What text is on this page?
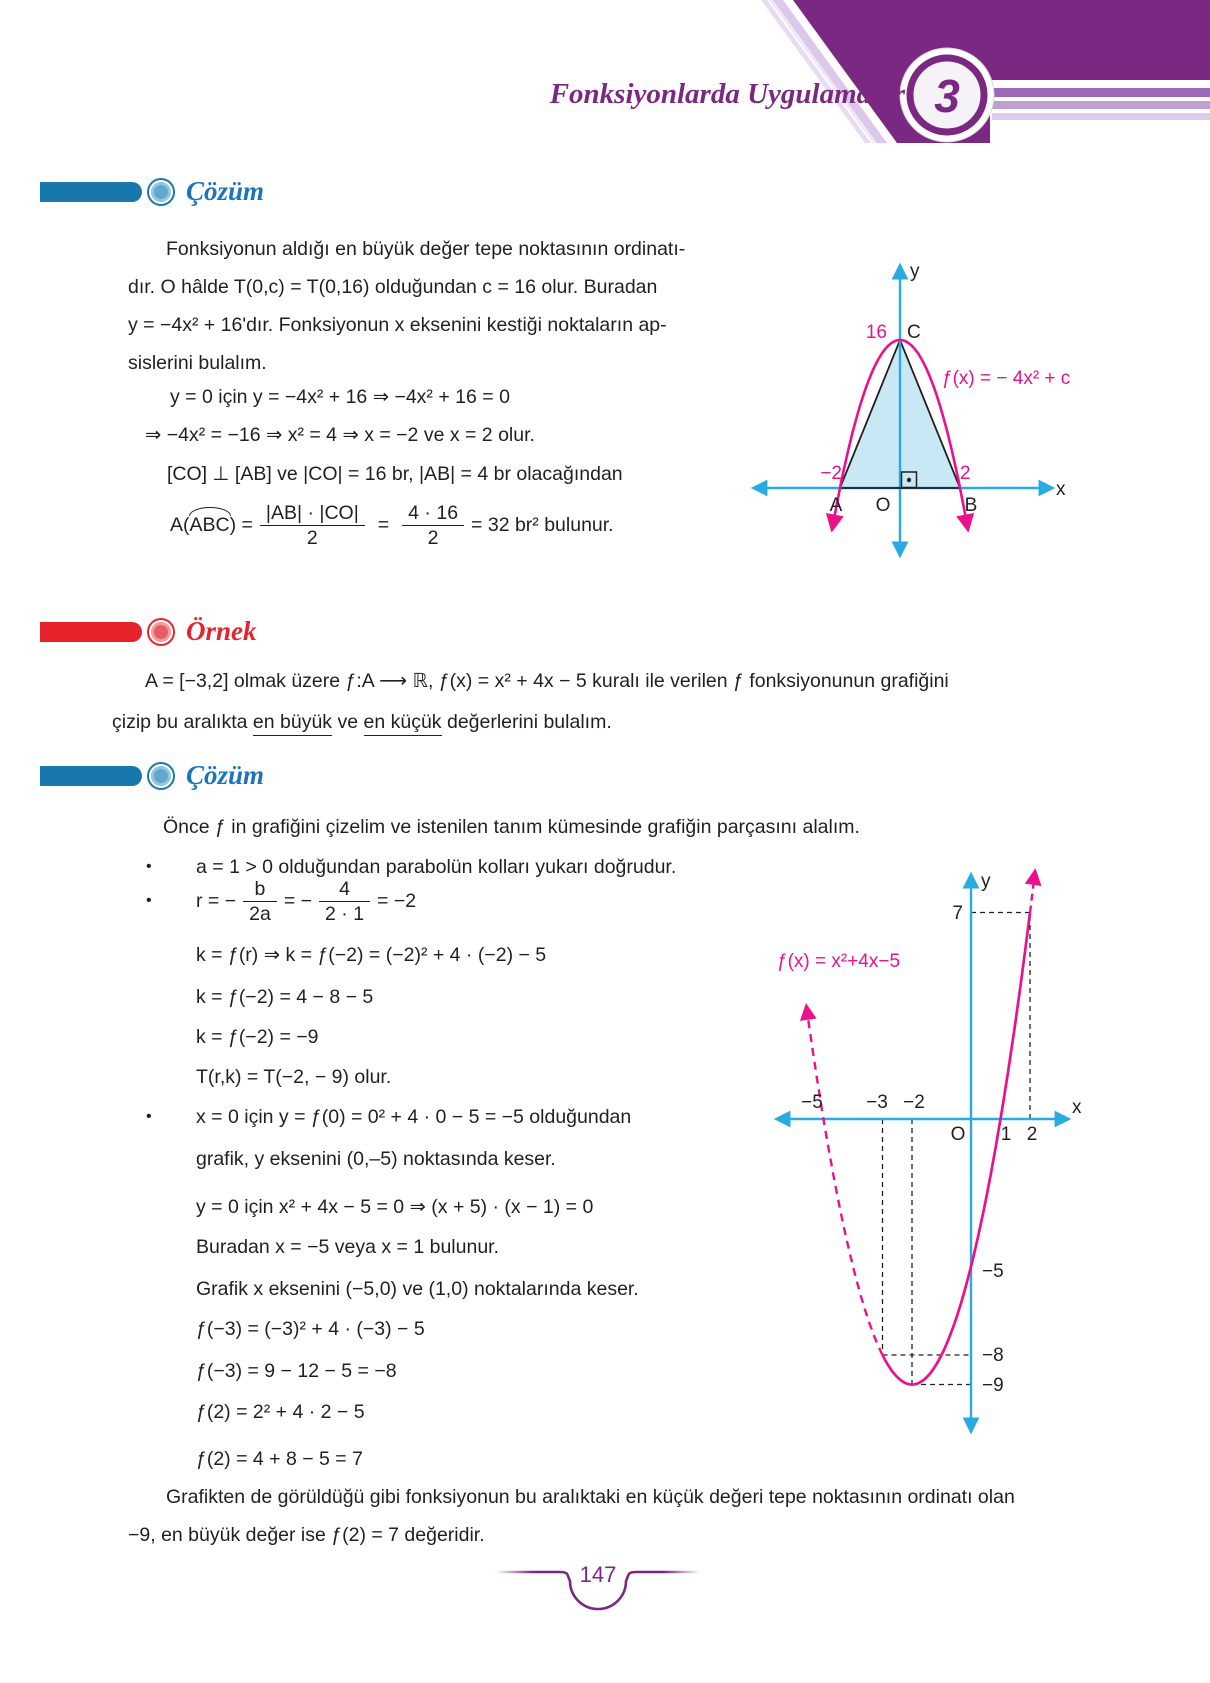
3
Fonksiyonlarda Uygulamalar
Çözüm
Fonksiyonun aldığı en büyük değer tepe noktasının ordinatı-
dır. O hâlde T(0,c) = T(0,16) olduğundan c = 16 olur. Buradan
y = −4x² + 16'dır. Fonksiyonun x eksenini kestiği noktaların ap-
sislerini bulalım.
y = 0 için y = −4x² + 16 ⇒ −4x² + 16 = 0
⇒ −4x² = −16 ⇒ x² = 4 ⇒ x = −2 ve x = 2 olur.
[CO] ⊥ [AB] ve |CO| = 16 br, |AB| = 4 br olacağından
A( ABC ) = $\frac{|AB| \cdot |CO|}{2} = \frac{4 \cdot 16}{2} = 32$ br² bulunur.
16 C
−2	2
A O	B
x
y
ƒ(x) = − 4x² + c
Örnek
A = [−3,2] olmak üzere ƒ:A ⟶ ℝ, ƒ(x) = x² + 4x − 5 kuralı ile verilen ƒ fonksiyonunun grafiğini
çizip bu aralıkta en büyük ve en küçük değerlerini bulalım.
Çözüm
Önce ƒ in grafiğini çizelim ve istenilen tanım kümesinde grafiğin parçasını alalım.
• a = 1 > 0 olduğundan parabolün kolları yukarı doğrudur.
• r = − $\frac{b}{2a}$ = − $\frac{4}{2 \cdot 1} = -2$
k = ƒ(r) ⇒ k = ƒ(−2) = (−2)² + 4 · (−2) − 5
k = ƒ(−2) = 4 − 8 − 5
k = ƒ(−2) = −9
T(r,k) = T(−2, − 9) olur.
• x = 0 için y = ƒ(0) = 0² + 4 · 0 − 5 = −5 olduğundan
grafik, y eksenini (0,–5) noktasında keser.
y = 0 için x² + 4x − 5 = 0 ⇒ (x + 5) · (x − 1) = 0
Buradan x = −5 veya x = 1 bulunur.
Grafik x eksenini (−5,0) ve (1,0) noktalarında keser.
ƒ(−3) = (−3)² + 4 · (−3) − 5
ƒ(−3) = 9 − 12 − 5 = −8
ƒ(2) = 2² + 4 · 2 − 5
ƒ(2) = 4 + 8 − 5 = 7
Grafikten de görüldüğü gibi fonksiyonun bu aralıktaki en küçük değeri tepe noktasının ordinatı olan
−9, en büyük değer ise ƒ(2) = 7 değeridir.
−5 −3 −2
O 1 2
7
−5
−8
−9
x
y
ƒ(x) = x²+4x−5
147
